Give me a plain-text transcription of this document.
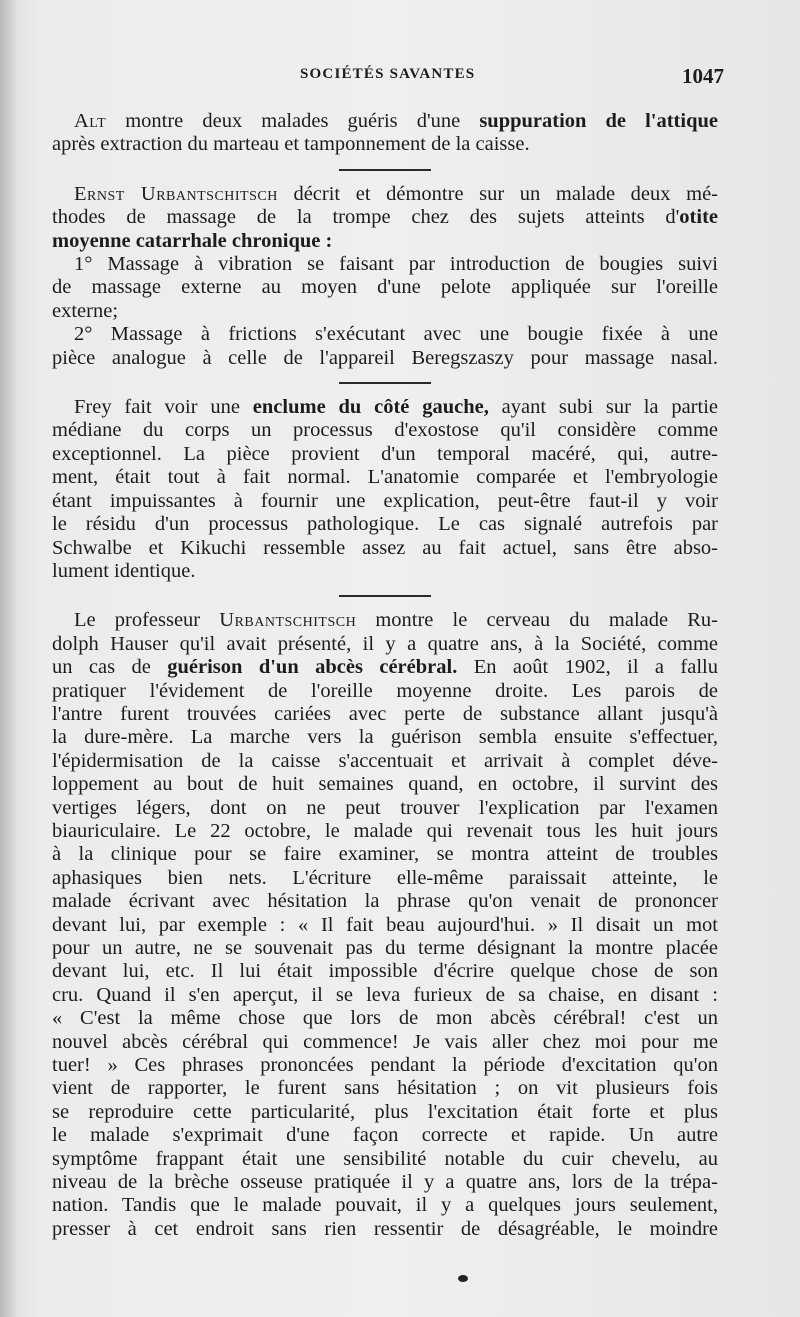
SOCIÉTÉS SAVANTES	1047

Alt montre deux malades guéris d'une suppuration de l'attique
après extraction du marteau et tamponnement de la caisse.

Ernst Urbantschitsch décrit et démontre sur un malade deux mé-
thodes de massage de la trompe chez des sujets atteints d'otite
moyenne catarrhale chronique :

1° Massage à vibration se faisant par introduction de bougies suivi
de massage externe au moyen d'une pelote appliquée sur l'oreille
externe;

2° Massage à frictions s'exécutant avec une bougie fixée à une
pièce analogue à celle de l'appareil Beregszaszy pour massage nasal.

Frey fait voir une enclume du côté gauche, ayant subi sur la partie
médiane du corps un processus d'exostose qu'il considère comme
exceptionnel. La pièce provient d'un temporal macéré, qui, autre-
ment, était tout à fait normal. L'anatomie comparée et l'embryologie
étant impuissantes à fournir une explication, peut-être faut-il y voir
le résidu d'un processus pathologique. Le cas signalé autrefois par
Schwalbe et Kikuchi ressemble assez au fait actuel, sans être abso-
lument identique.

Le professeur Urbantschitsch montre le cerveau du malade Ru-
dolph Hauser qu'il avait présenté, il y a quatre ans, à la Société, comme
un cas de guérison d'un abcès cérébral. En août 1902, il a fallu
pratiquer l'évidement de l'oreille moyenne droite. Les parois de
l'antre furent trouvées cariées avec perte de substance allant jusqu'à
la dure-mère. La marche vers la guérison sembla ensuite s'effectuer,
l'épidermisation de la caisse s'accentuait et arrivait à complet déve-
loppement au bout de huit semaines quand, en octobre, il survint des
vertiges légers, dont on ne peut trouver l'explication par l'examen
biauriculaire. Le 22 octobre, le malade qui revenait tous les huit jours
à la clinique pour se faire examiner, se montra atteint de troubles
aphasiques bien nets. L'écriture elle-même paraissait atteinte, le
malade écrivant avec hésitation la phrase qu'on venait de prononcer
devant lui, par exemple : « Il fait beau aujourd'hui. » Il disait un mot
pour un autre, ne se souvenait pas du terme désignant la montre placée
devant lui, etc. Il lui était impossible d'écrire quelque chose de son
cru. Quand il s'en aperçut, il se leva furieux de sa chaise, en disant :
« C'est la même chose que lors de mon abcès cérébral! c'est un
nouvel abcès cérébral qui commence! Je vais aller chez moi pour me
tuer! » Ces phrases prononcées pendant la période d'excitation qu'on
vient de rapporter, le furent sans hésitation ; on vit plusieurs fois
se reproduire cette particularité, plus l'excitation était forte et plus
le malade s'exprimait d'une façon correcte et rapide. Un autre
symptôme frappant était une sensibilité notable du cuir chevelu, au
niveau de la brèche osseuse pratiquée il y a quatre ans, lors de la trépa-
nation. Tandis que le malade pouvait, il y a quelques jours seulement,
presser à cet endroit sans rien ressentir de désagréable, le moindre
